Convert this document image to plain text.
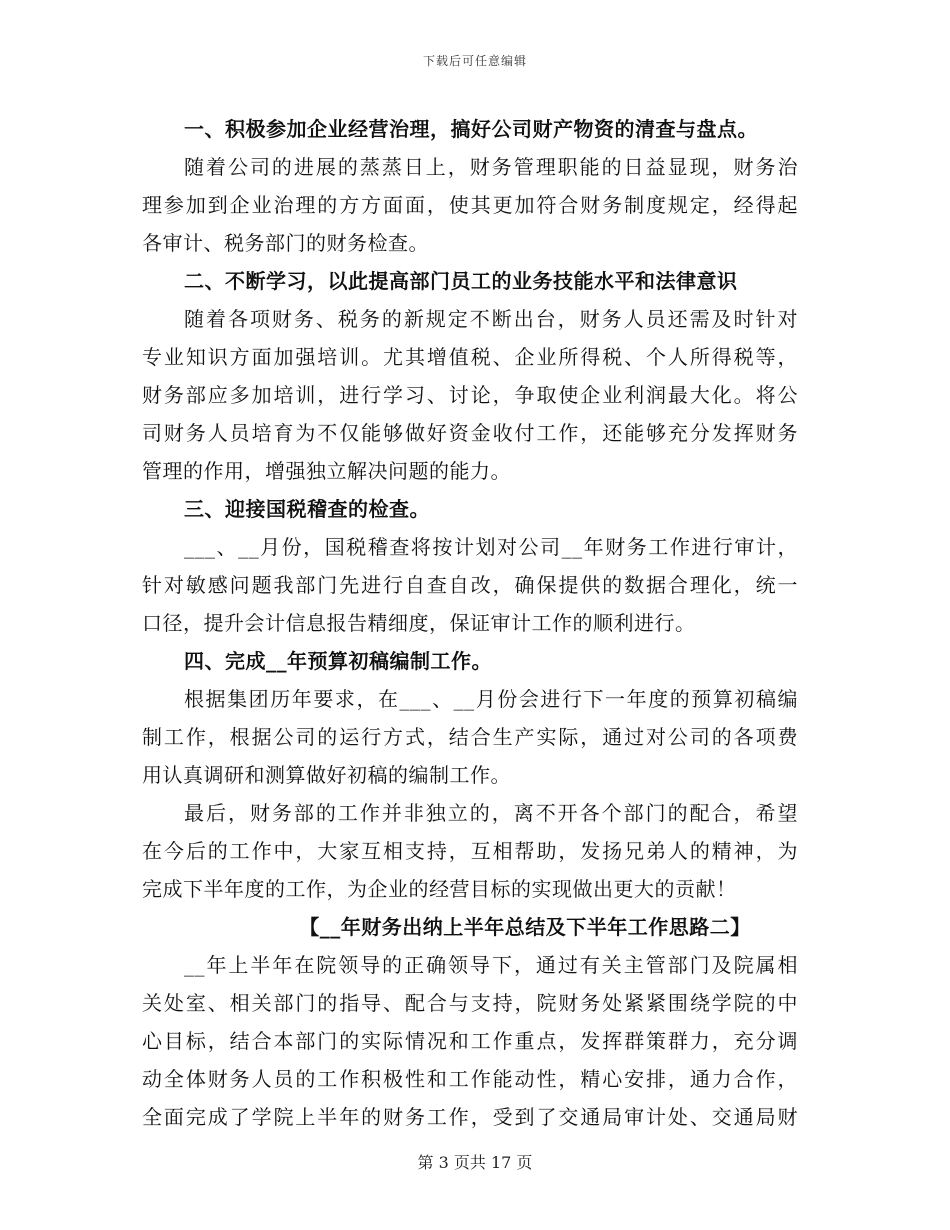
下载后可任意编辑
一、积极参加企业经营治理，搞好公司财产物资的清查与盘点。
随着公司的进展的蒸蒸日上，财务管理职能的日益显现，财务治
理参加到企业治理的方方面面，使其更加符合财务制度规定，经得起
各审计、税务部门的财务检查。
二、不断学习，以此提高部门员工的业务技能水平和法律意识
随着各项财务、税务的新规定不断出台，财务人员还需及时针对
专业知识方面加强培训。尤其增值税、企业所得税、个人所得税等，
财务部应多加培训，进行学习、讨论，争取使企业利润最大化。将公
司财务人员培育为不仅能够做好资金收付工作，还能够充分发挥财务
管理的作用，增强独立解决问题的能力。
三、迎接国税稽查的检查。
___、__月份，国税稽查将按计划对公司__年财务工作进行审计，
针对敏感问题我部门先进行自查自改，确保提供的数据合理化，统一
口径，提升会计信息报告精细度，保证审计工作的顺利进行。
四、完成__年预算初稿编制工作。
根据集团历年要求，在___、__月份会进行下一年度的预算初稿编
制工作，根据公司的运行方式，结合生产实际，通过对公司的各项费
用认真调研和测算做好初稿的编制工作。
最后，财务部的工作并非独立的，离不开各个部门的配合，希望
在今后的工作中，大家互相支持，互相帮助，发扬兄弟人的精神，为
完成下半年度的工作，为企业的经营目标的实现做出更大的贡献！
【__年财务出纳上半年总结及下半年工作思路二】
__年上半年在院领导的正确领导下，通过有关主管部门及院属相
关处室、相关部门的指导、配合与支持，院财务处紧紧围绕学院的中
心目标，结合本部门的实际情况和工作重点，发挥群策群力，充分调
动全体财务人员的工作积极性和工作能动性，精心安排，通力合作，
全面完成了学院上半年的财务工作，受到了交通局审计处、交通局财
第 3 页共 17 页
